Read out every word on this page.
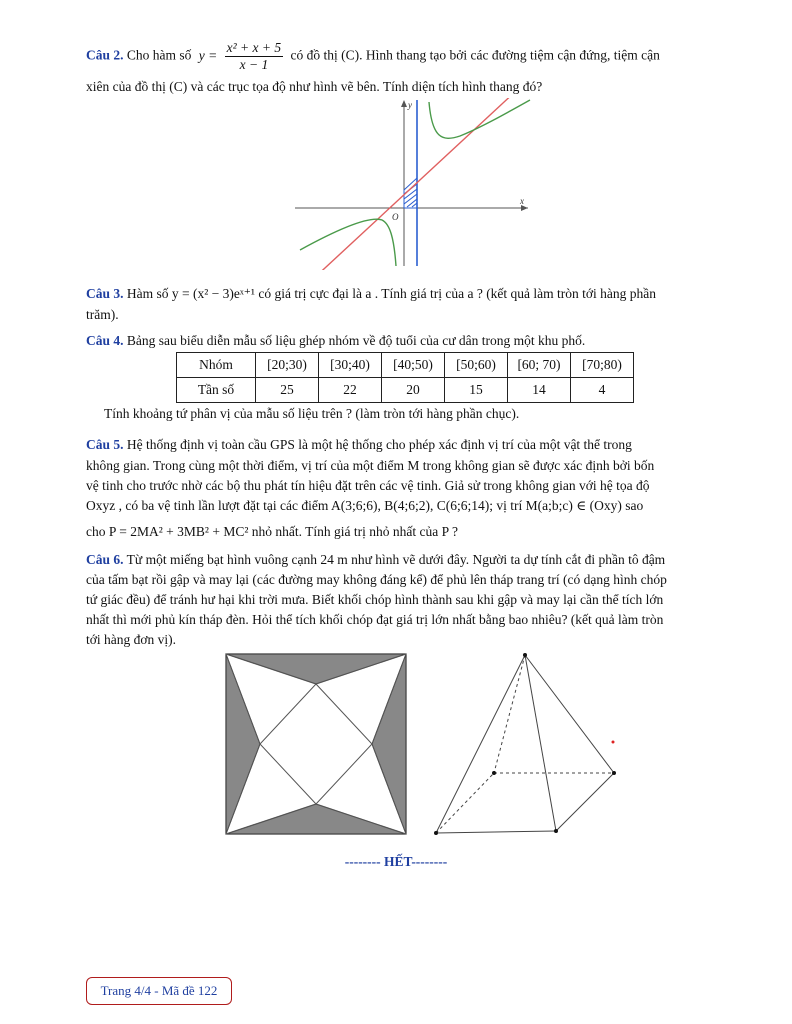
Câu 2. Cho hàm số $y = \frac{\text{x² + x + 5}}{x - 1}$ có đồ thị (C). Hình thang tạo bởi các đường tiệm cận đứng, tiệm cận
xiên của đồ thị (C) và các trục tọa độ như hình vẽ bên. Tính diện tích hình thang đó?
y
x
O
Câu 3. Hàm số y = (x² − 3)eˣ⁺¹ có giá trị cực đại là a . Tính giá trị của a ? (kết quả làm tròn tới hàng phần
trăm).
Câu 4. Bảng sau biểu diễn mẫu số liệu ghép nhóm về độ tuổi của cư dân trong một khu phố.
Nhóm	[20;30)	[30;40)	[40;50)	[50;60)	[60; 70)	[70;80)
Tần số	25	22	20	15	14	4
Tính khoảng tứ phân vị của mẫu số liệu trên ? (làm tròn tới hàng phần chục).
Câu 5. Hệ thống định vị toàn cầu GPS là một hệ thống cho phép xác định vị trí của một vật thể trong
không gian. Trong cùng một thời điểm, vị trí của một điểm M trong không gian sẽ được xác định bởi bốn
vệ tinh cho trước nhờ các bộ thu phát tín hiệu đặt trên các vệ tinh. Giả sử trong không gian với hệ tọa độ
Oxyz , có ba vệ tinh lần lượt đặt tại các điểm A(3;6;6), B(4;6;2), C(6;6;14); vị trí M(a;b;c) ∈ (Oxy) sao
cho P = 2MA² + 3MB² + MC² nhỏ nhất. Tính giá trị nhỏ nhất của P ?
Câu 6. Từ một miếng bạt hình vuông cạnh 24 m như hình vẽ dưới đây. Người ta dự tính cắt đi phần tô đậm
của tấm bạt rồi gập và may lại (các đường may không đáng kể) để phủ lên tháp trang trí (có dạng hình chóp
tứ giác đều) để tránh hư hại khi trời mưa. Biết khối chóp hình thành sau khi gập và may lại cần thể tích lớn
nhất thì mới phủ kín tháp đèn. Hỏi thể tích khối chóp đạt giá trị lớn nhất bằng bao nhiêu? (kết quả làm tròn
tới hàng đơn vị).
-------- HẾT--------
Trang 4/4 - Mã đề 122
